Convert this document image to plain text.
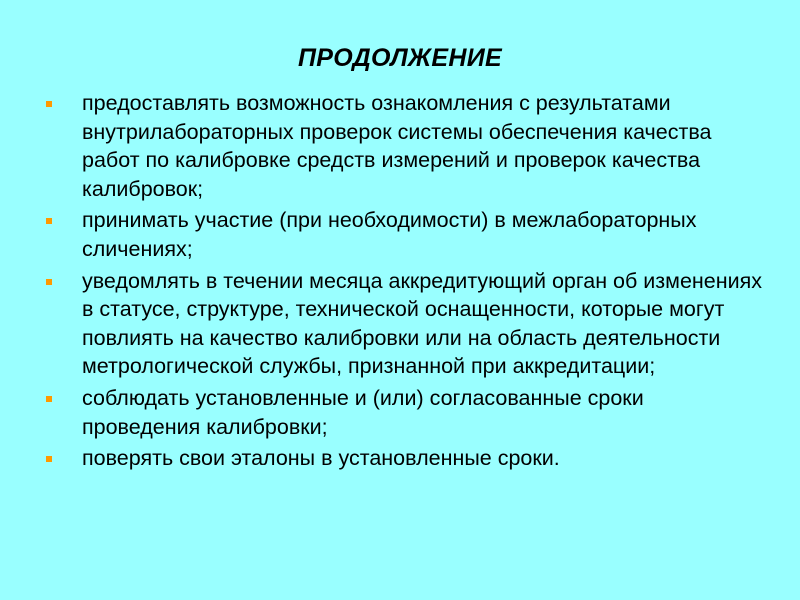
ПРОДОЛЖЕНИЕ
предоставлять возможность ознакомления с результатами внутрилабораторных проверок системы обеспечения качества работ по калибровке средств измерений и проверок качества калибровок;
принимать участие (при необходимости) в межлабораторных сличениях;
уведомлять в течении месяца аккредитующий орган об изменениях в статусе, структуре, технической оснащенности, которые могут повлиять на качество калибровки или на область деятельности метрологической службы, признанной при аккредитации;
соблюдать установленные и (или) согласованные сроки проведения калибровки;
поверять свои эталоны в установленные сроки.
